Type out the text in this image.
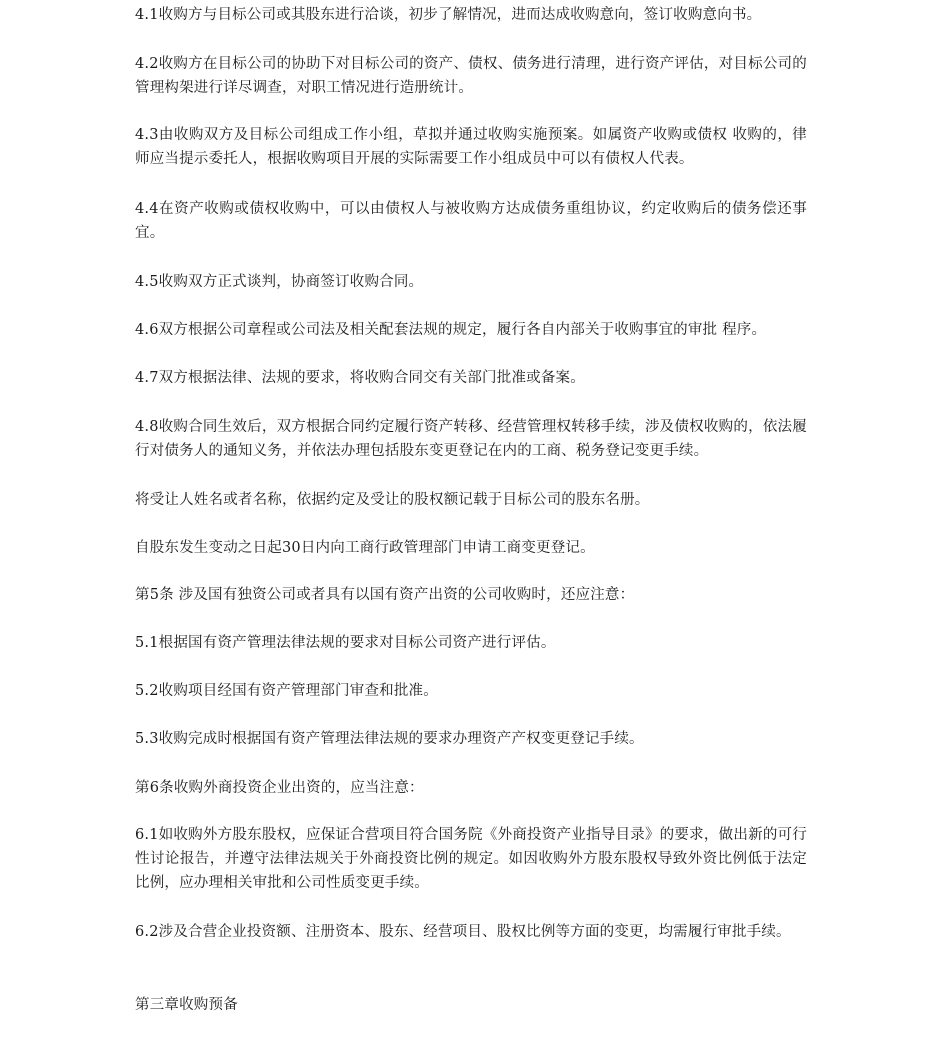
4.1收购方与目标公司或其股东进行洽谈，初步了解情况，进而达成收购意向，签订收购意向书。

4.2收购方在目标公司的协助下对目标公司的资产、债权、债务进行清理，进行资产评估，对目标公司的管理构架进行详尽调查，对职工情况进行造册统计。

4.3由收购双方及目标公司组成工作小组，草拟并通过收购实施预案。如属资产收购或债权 收购的，律师应当提示委托人，根据收购项目开展的实际需要工作小组成员中可以有债权人代表。

4.4在资产收购或债权收购中，可以由债权人与被收购方达成债务重组协议，约定收购后的债务偿还事宜。

4.5收购双方正式谈判，协商签订收购合同。

4.6双方根据公司章程或公司法及相关配套法规的规定，履行各自内部关于收购事宜的审批 程序。

4.7双方根据法律、法规的要求，将收购合同交有关部门批准或备案。

4.8收购合同生效后，双方根据合同约定履行资产转移、经营管理权转移手续，涉及债权收购的，依法履行对债务人的通知义务，并依法办理包括股东变更登记在内的工商、税务登记变更手续。

将受让人姓名或者名称，依据约定及受让的股权额记载于目标公司的股东名册。

自股东发生变动之日起30日内向工商行政管理部门申请工商变更登记。

第5条 涉及国有独资公司或者具有以国有资产出资的公司收购时，还应注意：

5.1根据国有资产管理法律法规的要求对目标公司资产进行评估。

5.2收购项目经国有资产管理部门审查和批准。

5.3收购完成时根据国有资产管理法律法规的要求办理资产产权变更登记手续。

第6条收购外商投资企业出资的，应当注意：

6.1如收购外方股东股权，应保证合营项目符合国务院《外商投资产业指导目录》的要求，做出新的可行性讨论报告，并遵守法律法规关于外商投资比例的规定。如因收购外方股东股权导致外资比例低于法定比例，应办理相关审批和公司性质变更手续。

6.2涉及合营企业投资额、注册资本、股东、经营项目、股权比例等方面的变更，均需履行审批手续。

第三章收购预备
